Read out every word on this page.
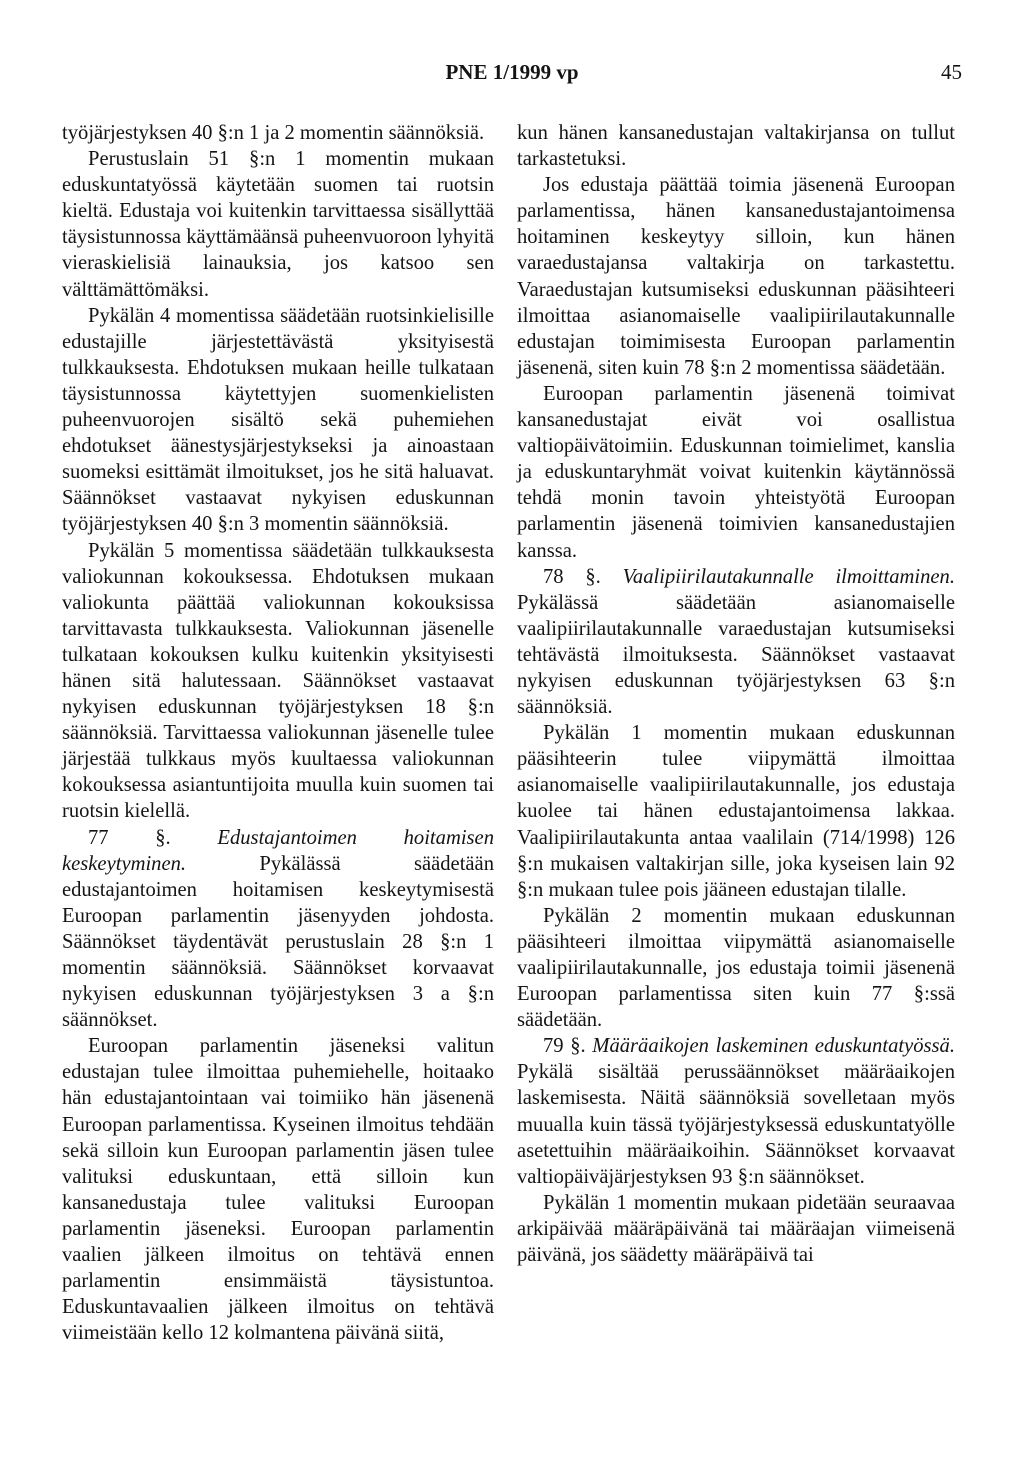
PNE 1/1999 vp	45

työjärjestyksen 40 §:n 1 ja 2 momentin säännöksiä.

Perustuslain 51 §:n 1 momentin mukaan eduskuntatyössä käytetään suomen tai ruotsin kieltä. Edustaja voi kuitenkin tarvittaessa sisällyttää täysistunnossa käyttämäänsä puheenvuoroon lyhyitä vieraskielisiä lainauksia, jos katsoo sen välttämättömäksi.

Pykälän 4 momentissa säädetään ruotsinkielisille edustajille järjestettävästä yksityisestä tulkkauksesta. Ehdotuksen mukaan heille tulkataan täysistunnossa käytettyjen suomenkielisten puheenvuorojen sisältö sekä puhemiehen ehdotukset äänestysjärjestykseksi ja ainoastaan suomeksi esittämät ilmoitukset, jos he sitä haluavat. Säännökset vastaavat nykyisen eduskunnan työjärjestyksen 40 §:n 3 momentin säännöksiä.

Pykälän 5 momentissa säädetään tulkkauksesta valiokunnan kokouksessa. Ehdotuksen mukaan valiokunta päättää valiokunnan kokouksissa tarvittavasta tulkkauksesta. Valiokunnan jäsenelle tulkataan kokouksen kulku kuitenkin yksityisesti hänen sitä halutessaan. Säännökset vastaavat nykyisen eduskunnan työjärjestyksen 18 §:n säännöksiä. Tarvittaessa valiokunnan jäsenelle tulee järjestää tulkkaus myös kuultaessa valiokunnan kokouksessa asiantuntijoita muulla kuin suomen tai ruotsin kielellä.

77 §. Edustajantoimen hoitamisen keskeytyminen.	Pykälässä säädetään edustajantoimen hoitamisen keskeytymisestä Euroopan parlamentin jäsenyyden johdosta. Säännökset täydentävät perustuslain 28 §:n 1 momentin säännöksiä. Säännökset korvaavat nykyisen eduskunnan työjärjestyksen 3 a §:n säännökset.

Euroopan parlamentin jäseneksi valitun edustajan tulee ilmoittaa puhemiehelle, hoitaako hän edustajantointaan vai toimiiko hän jäsenenä Euroopan parlamentissa. Kyseinen ilmoitus tehdään sekä silloin kun Euroopan parlamentin jäsen tulee valituksi eduskuntaan, että silloin kun kansanedustaja tulee valituksi Euroopan parlamentin jäseneksi. Euroopan parlamentin vaalien jälkeen ilmoitus on tehtävä ennen parlamentin ensimmäistä täysistuntoa. Eduskuntavaalien jälkeen ilmoitus on tehtävä viimeistään kello 12 kolmantena päivänä siitä,

kun hänen kansanedustajan valtakirjansa on tullut tarkastetuksi.

Jos edustaja päättää toimia jäsenenä Euroopan parlamentissa, hänen kansanedustajantoimensa hoitaminen keskeytyy silloin, kun hänen varaedustajansa valtakirja on tarkastettu. Varaedustajan kutsumiseksi eduskunnan pääsihteeri ilmoittaa asianomaiselle vaalipiirilautakunnalle edustajan toimimisesta Euroopan parlamentin jäsenenä, siten kuin 78 §:n 2 momentissa säädetään.

Euroopan parlamentin jäsenenä toimivat kansanedustajat eivät voi osallistua valtiopäivätoimiin. Eduskunnan toimielimet, kanslia ja eduskuntaryhmät voivat kuitenkin käytännössä tehdä monin tavoin yhteistyötä Euroopan parlamentin jäsenenä toimivien kansanedustajien kanssa.

78 §. Vaalipiirilautakunnalle ilmoittaminen. Pykälässä säädetään asianomaiselle vaalipiirilautakunnalle varaedustajan kutsumiseksi tehtävästä ilmoituksesta. Säännökset vastaavat nykyisen eduskunnan työjärjestyksen 63 §:n säännöksiä.

Pykälän 1 momentin mukaan eduskunnan pääsihteerin tulee viipymättä ilmoittaa asianomaiselle vaalipiirilautakunnalle, jos edustaja kuolee tai hänen edustajantoimensa lakkaa. Vaalipiirilautakunta antaa vaalilain (714/1998) 126 §:n mukaisen valtakirjan sille, joka kyseisen lain 92 §:n mukaan tulee pois jääneen edustajan tilalle.

Pykälän 2 momentin mukaan eduskunnan pääsihteeri ilmoittaa viipymättä asianomaiselle vaalipiirilautakunnalle, jos edustaja toimii jäsenenä Euroopan parlamentissa siten kuin 77 §:ssä säädetään.

79 §. Määräaikojen laskeminen eduskuntatyössä. Pykälä sisältää perussäännökset määräaikojen laskemisesta. Näitä säännöksiä sovelletaan myös muualla kuin tässä työjärjestyksessä eduskuntatyölle asetettuihin määräaikoihin. Säännökset korvaavat valtiopäiväjärjestyksen 93 §:n säännökset.

Pykälän 1 momentin mukaan pidetään seuraavaa arkipäivää määräpäivänä tai määräajan viimeisenä päivänä, jos säädetty määräpäivä tai
